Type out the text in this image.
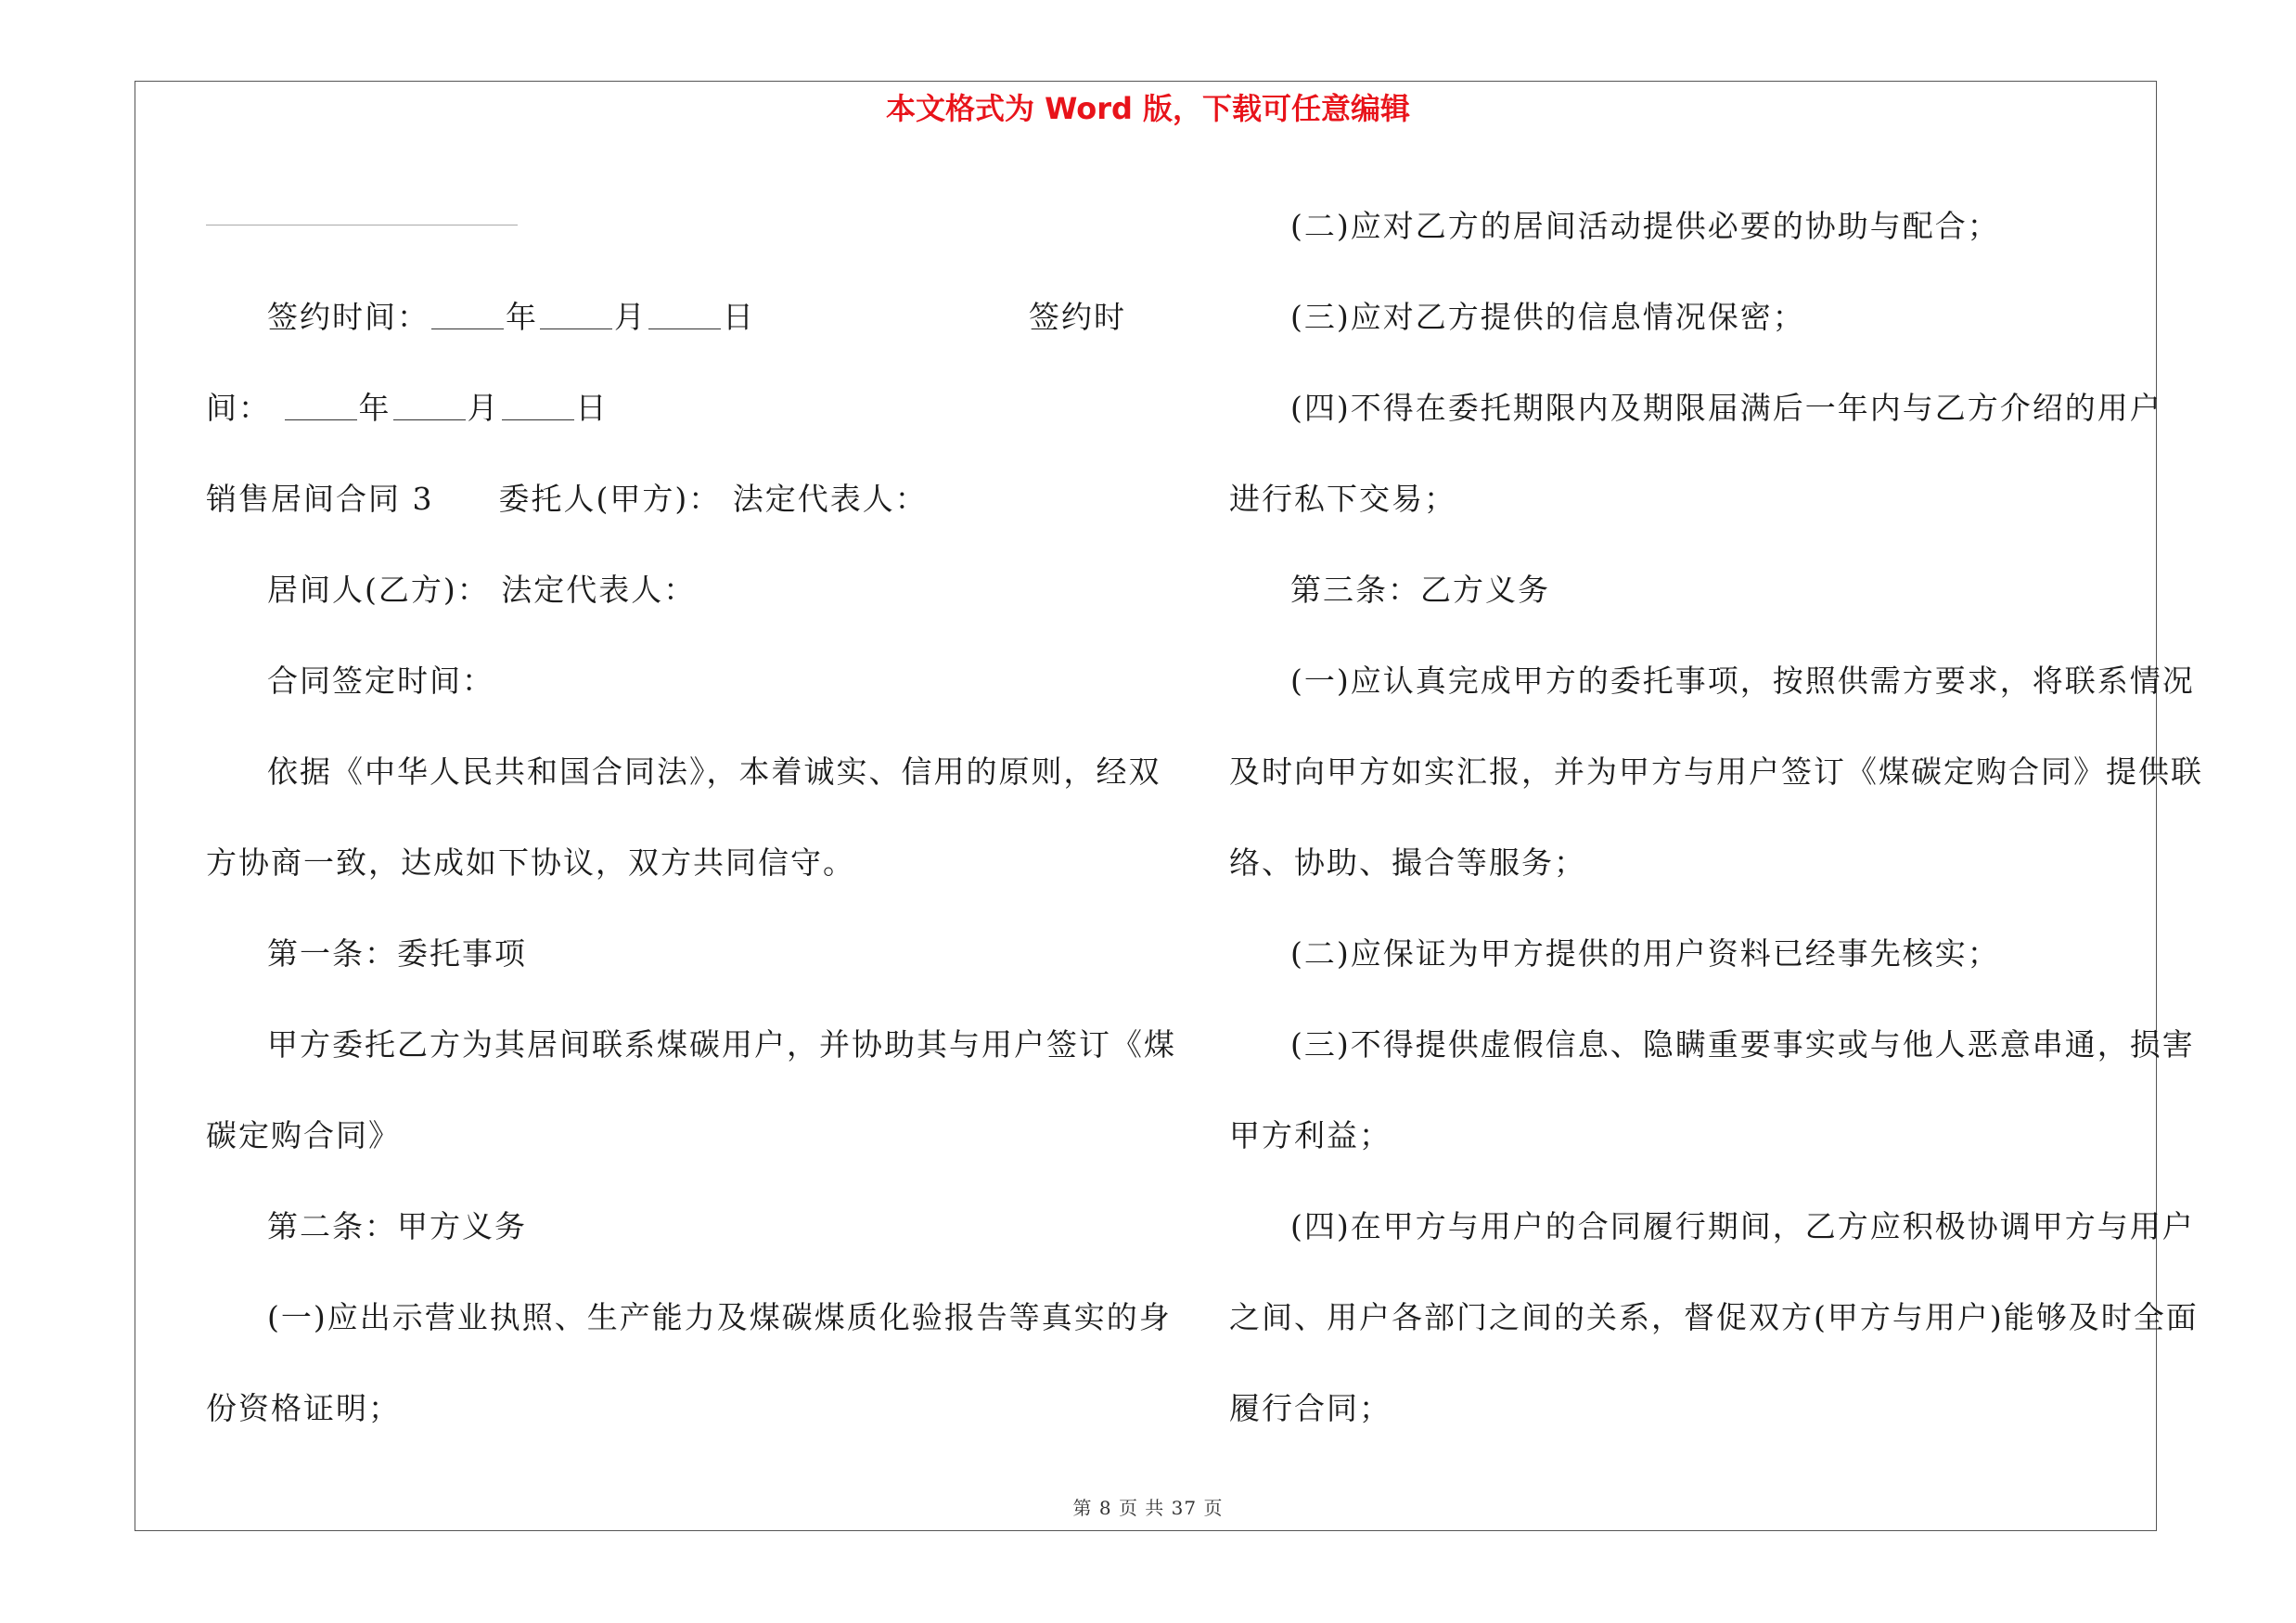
本文格式为 Word 版，下载可任意编辑
签约时间： 年 月 日	签约时
间：	年 月 日
销售居间合同 3　　委托人(甲方)： 法定代表人：
居间人(乙方)： 法定代表人：
合同签定时间：
依据《中华人民共和国合同法》，本着诚实、信用的原则，经双
方协商一致，达成如下协议，双方共同信守。
第一条：委托事项
甲方委托乙方为其居间联系煤碳用户，并协助其与用户签订《煤
碳定购合同》
第二条：甲方义务
(一)应出示营业执照、生产能力及煤碳煤质化验报告等真实的身
份资格证明；
(二)应对乙方的居间活动提供必要的协助与配合；
(三)应对乙方提供的信息情况保密；
(四)不得在委托期限内及期限届满后一年内与乙方介绍的用户
进行私下交易；
第三条：乙方义务
(一)应认真完成甲方的委托事项，按照供需方要求，将联系情况
及时向甲方如实汇报，并为甲方与用户签订《煤碳定购合同》提供联
络、协助、撮合等服务；
(二)应保证为甲方提供的用户资料已经事先核实；
(三)不得提供虚假信息、隐瞒重要事实或与他人恶意串通，损害
甲方利益；
(四)在甲方与用户的合同履行期间，乙方应积极协调甲方与用户
之间、用户各部门之间的关系，督促双方(甲方与用户)能够及时全面
履行合同；
第 8 页 共 37 页
